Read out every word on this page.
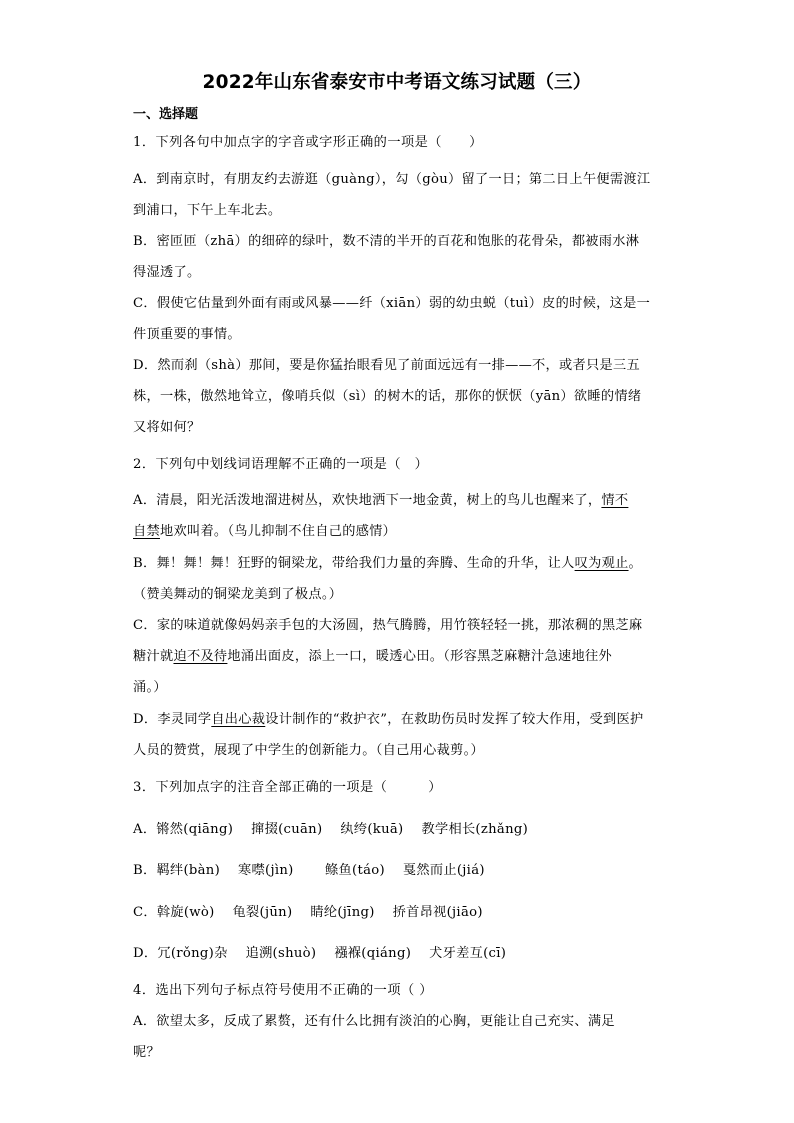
2022年山东省泰安市中考语文练习试题（三）
一、选择题
1．下列各句中加点字的字音或字形正确的一项是（　　）
A．到南京时，有朋友约去游逛（guàng），勾（gòu）留了一日；第二日上午便需渡江
到浦口，下午上车北去。
B．密匝匝（zhā）的细碎的绿叶，数不清的半开的百花和饱胀的花骨朵，都被雨水淋
得湿透了。
C．假使它估量到外面有雨或风暴——纤（xiān）弱的幼虫蜕（tuì）皮的时候，这是一
件顶重要的事情。
D．然而刹（shà）那间，要是你猛抬眼看见了前面远远有一排——不，或者只是三五
株，一株，傲然地耸立，像哨兵似（sì）的树木的话，那你的恹恹（yān）欲睡的情绪
又将如何？
2．下列句中划线词语理解不正确的一项是（　）
A．清晨，阳光活泼地溜进树丛，欢快地洒下一地金黄，树上的鸟儿也醒来了，情不
自禁地欢叫着。（鸟儿抑制不住自己的感情）
B．舞！舞！舞！狂野的铜梁龙，带给我们力量的奔腾、生命的升华，让人叹为观止。
（赞美舞动的铜梁龙美到了极点。）
C．家的味道就像妈妈亲手包的大汤圆，热气腾腾，用竹筷轻轻一挑，那浓稠的黑芝麻
糖汁就迫不及待地涌出面皮，添上一口，暖透心田。（形容黑芝麻糖汁急速地往外
涌。）
D．李灵同学自出心裁设计制作的“救护衣”，在救助伤员时发挥了较大作用，受到医护
人员的赞赏，展现了中学生的创新能力。（自己用心裁剪。）
3．下列加点字的注音全部正确的一项是（　　　）
A．锵然(qiāng)　 撺掇(cuān)　 纨绔(kuā)　 教学相长(zhǎng)
B．羁绊(bàn)　 寒噤(jìn)　　 鲦鱼(táo)　 戛然而止(jiá)
C．斡旋(wò)　 龟裂(jūn)　 睛纶(jīng)　 挢首昂视(jiāo)
D．冗(rǒng)杂　 追溯(shuò)　 襁褓(qiáng)　 犬牙差互(cī)
4．选出下列句子标点符号使用不正确的一项（ ）
A．欲望太多，反成了累赘，还有什么比拥有淡泊的心胸，更能让自己充实、满足
呢？
